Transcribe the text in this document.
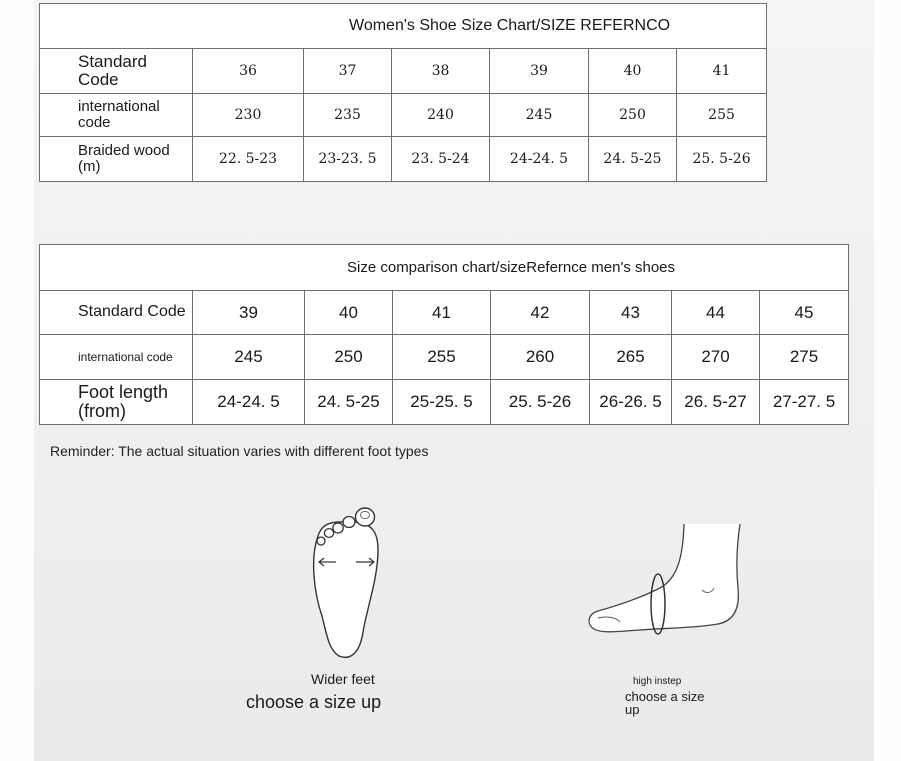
Women's Shoe Size Chart/SIZE REFERNCO						
Standard Code	36	37	38	39	40	41
international code	230	235	240	245	250	255
Braided wood (m)	22. 5-23	23-23. 5	23. 5-24	24-24. 5	24. 5-25	25. 5-26
Size comparison chart/sizeRefernce men's shoes							
Standard Code	39	40	41	42	43	44	45
international code	245	250	255	260	265	270	275
Foot length (from)	24-24. 5	24. 5-25	25-25. 5	25. 5-26	26-26. 5	26. 5-27	27-27. 5
Reminder: The actual situation varies with different foot types
Wider feet
choose a size up
high instep
choose a size up
